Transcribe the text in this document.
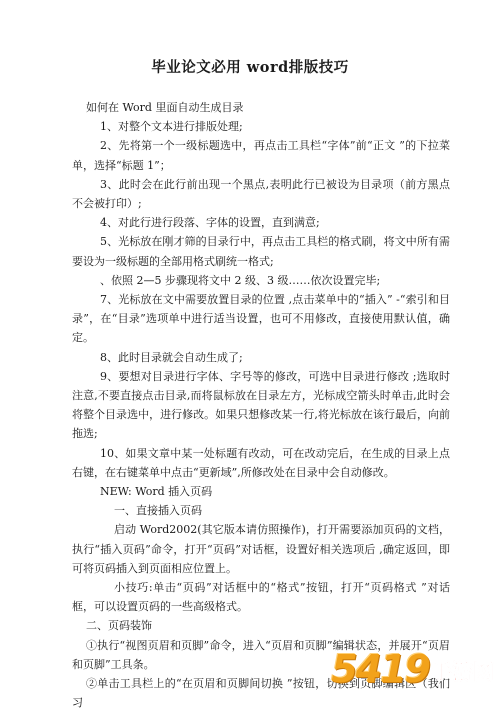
毕业论文必用 word排版技巧

如何在 Word 里面自动生成目录

1、对整个文本进行排版处理;

2、先将第一个一级标题选中，再点击工具栏“字体”前“正文 ”的下拉菜单，选择“标题 1”；

3、此时会在此行前出现一个黑点,表明此行已被设为目录项（前方黑点不会被打印）;

4、对此行进行段落、字体的设置，直到满意;

5、光标放在刚才筛的目录行中，再点击工具栏的格式刷，将文中所有需要设为一级标题的全部用格式刷统一格式;

、依照 2—5 步骤现将文中 2 级、3 级……依次设置完毕;

7、光标放在文中需要放置目录的位置 ,点击菜单中的“插入” -“索引和目录”，在“目录”选项单中进行适当设置，也可不用修改，直接使用默认值，确定。

8、此时目录就会自动生成了;

9、要想对目录进行字体、字号等的修改，可选中目录进行修改 ;选取时注意,不要直接点击目录,而将鼠标放在目录左方，光标成空箭头时单击,此时会将整个目录选中，进行修改。如果只想修改某一行,将光标放在该行最后，向前拖选;

10、如果文章中某一处标题有改动，可在改动完后，在生成的目录上点右键，在右键菜单中点击“更新域”,所修改处在目录中会自动修改。

NEW: Word 插入页码

一、直接插入页码

启动 Word2002(其它版本请仿照操作)，打开需要添加页码的文档，执行“插入页码”命令，打开“页码”对话框，设置好相关选项后 ,确定返回，即可将页码插入到页面相应位置上。

小技巧:单击“页码”对话框中的“格式”按钮，打开“页码格式 ”对话框，可以设置页码的一些高级格式。

二、页码装饰

①执行“视图页眉和页脚”命令，进入“页眉和页脚”编辑状态，并展开“页眉和页脚”工具条。

②单击工具栏上的“在页眉和页脚间切换 ”按钮，切换到页脚编辑区（我们习

5419 手游网
